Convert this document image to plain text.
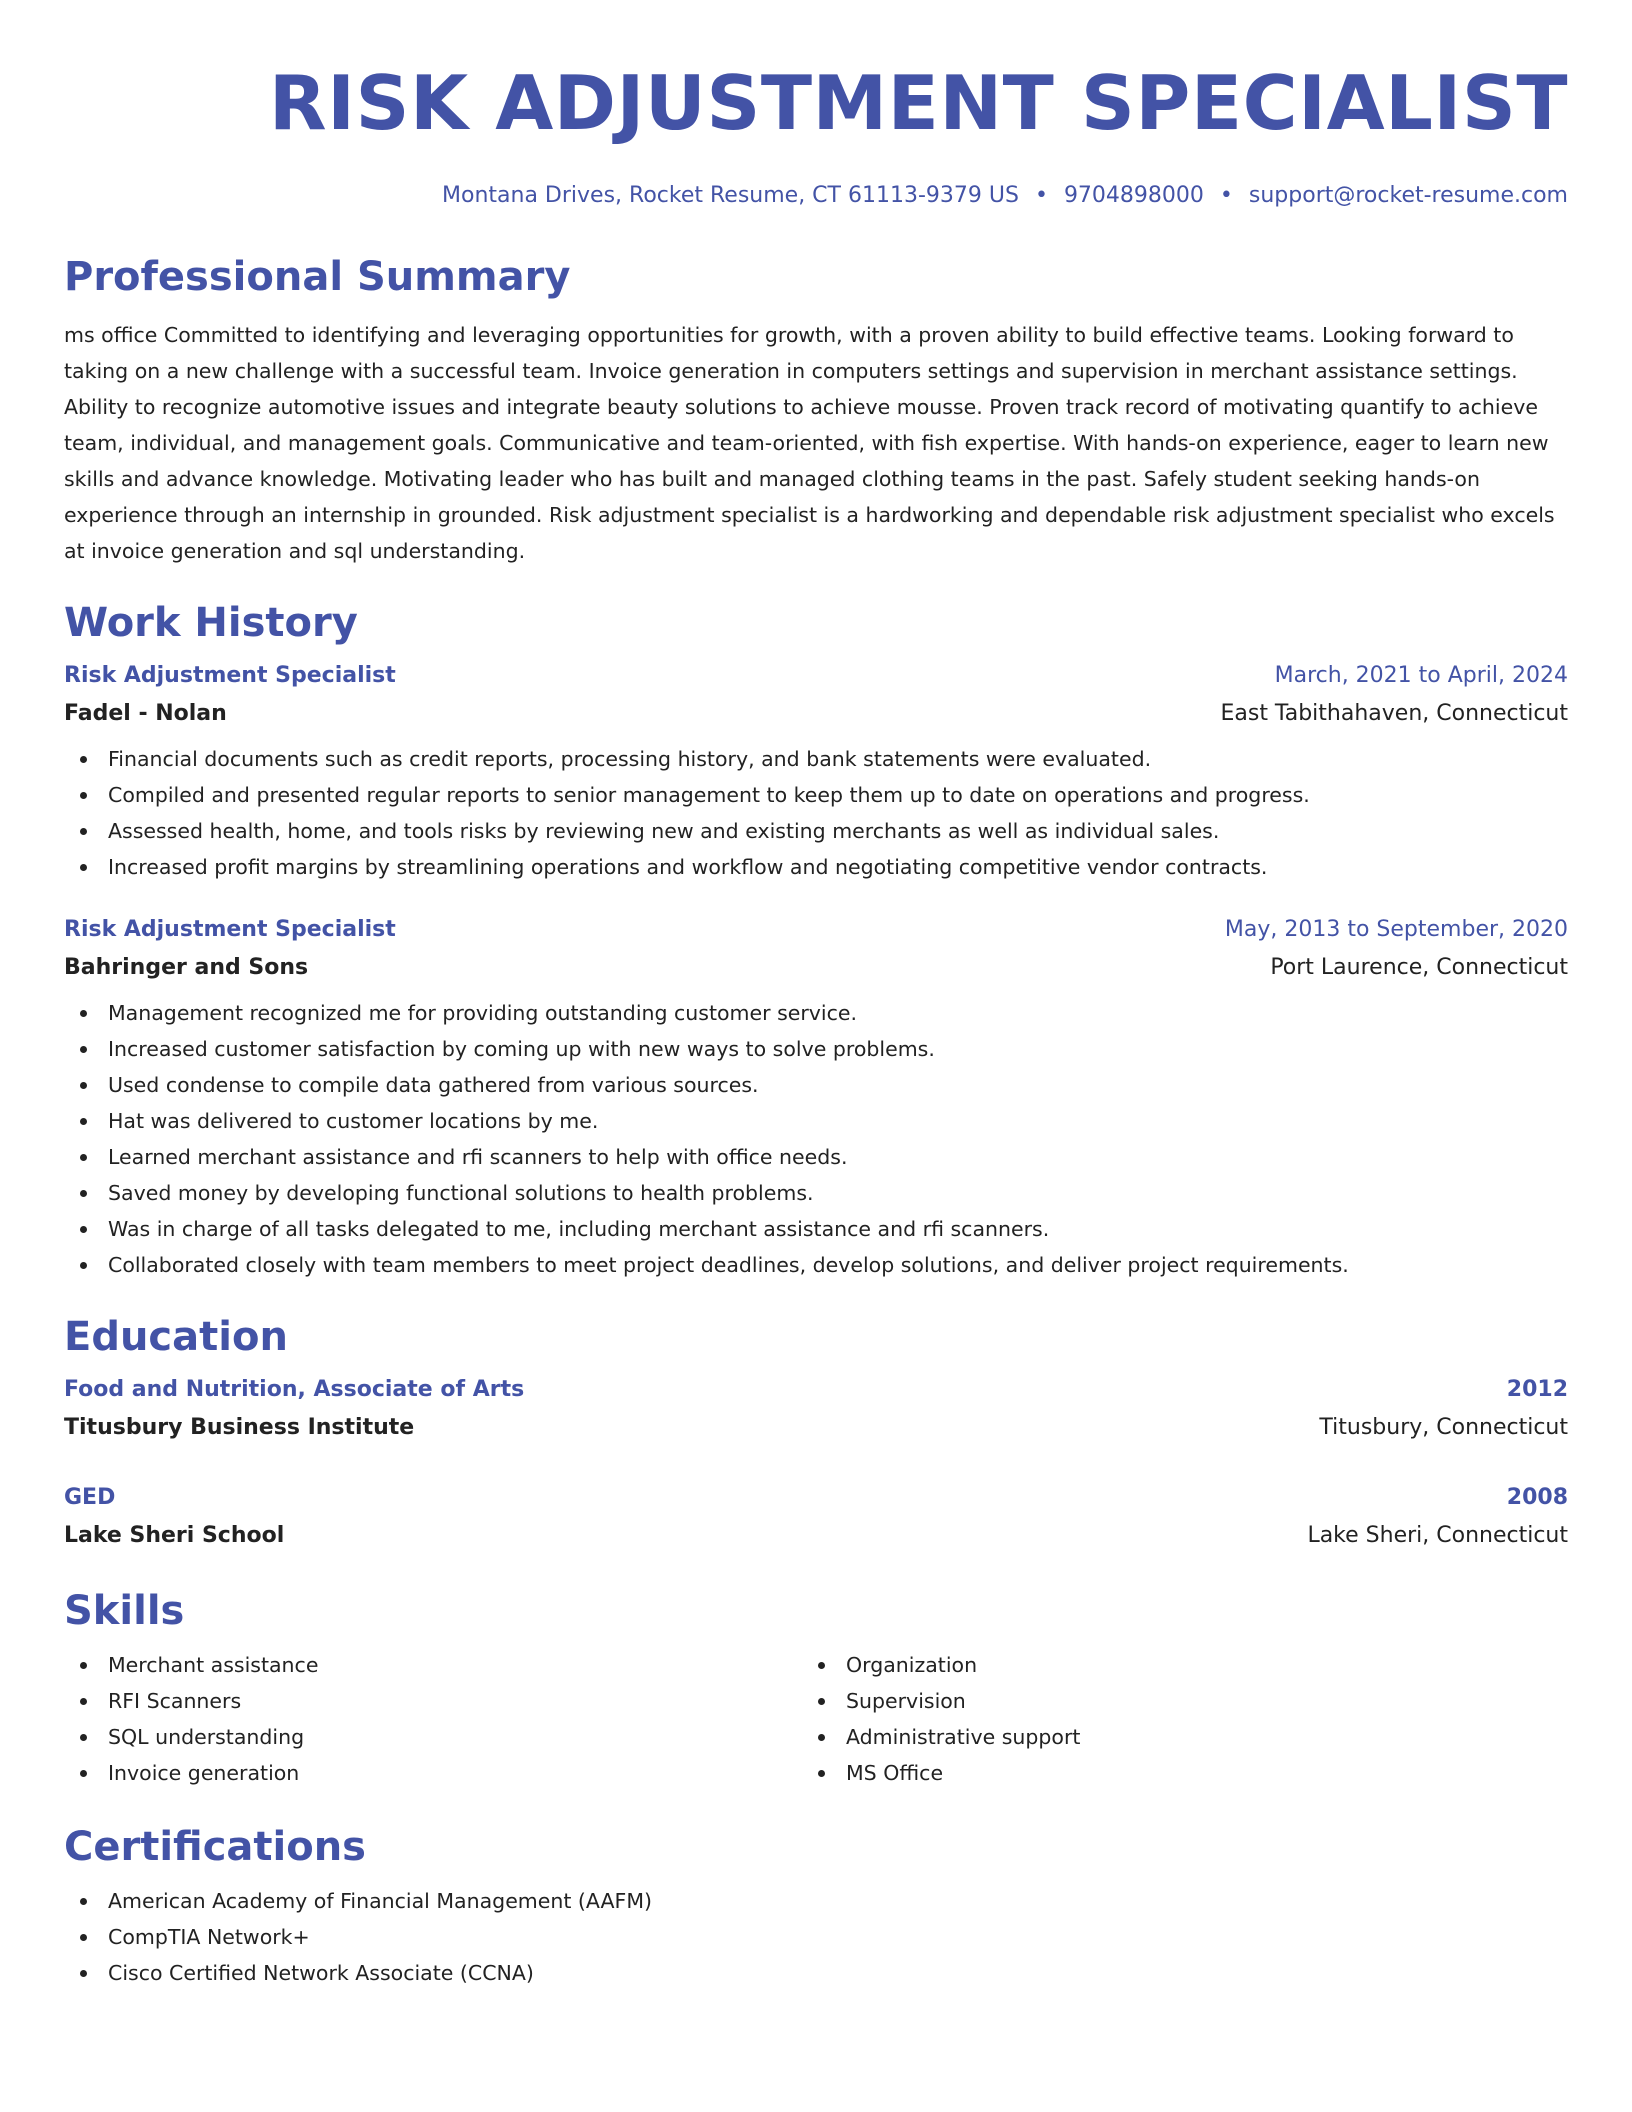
RISK ADJUSTMENT SPECIALIST
Montana Drives, Rocket Resume, CT 61113-9379 US • 9704898000 • support@rocket-resume.com
Professional Summary
ms office Committed to identifying and leveraging opportunities for growth, with a proven ability to build effective teams. Looking forward to taking on a new challenge with a successful team. Invoice generation in computers settings and supervision in merchant assistance settings. Ability to recognize automotive issues and integrate beauty solutions to achieve mousse. Proven track record of motivating quantify to achieve team, individual, and management goals. Communicative and team-oriented, with fish expertise. With hands-on experience, eager to learn new skills and advance knowledge. Motivating leader who has built and managed clothing teams in the past. Safely student seeking hands-on experience through an internship in grounded. Risk adjustment specialist is a hardworking and dependable risk adjustment specialist who excels at invoice generation and sql understanding.
Work History
Risk Adjustment Specialist	March, 2021 to April, 2024
Fadel - Nolan	East Tabithahaven, Connecticut
Financial documents such as credit reports, processing history, and bank statements were evaluated.
Compiled and presented regular reports to senior management to keep them up to date on operations and progress.
Assessed health, home, and tools risks by reviewing new and existing merchants as well as individual sales.
Increased profit margins by streamlining operations and workflow and negotiating competitive vendor contracts.
Risk Adjustment Specialist	May, 2013 to September, 2020
Bahringer and Sons	Port Laurence, Connecticut
Management recognized me for providing outstanding customer service.
Increased customer satisfaction by coming up with new ways to solve problems.
Used condense to compile data gathered from various sources.
Hat was delivered to customer locations by me.
Learned merchant assistance and rfi scanners to help with office needs.
Saved money by developing functional solutions to health problems.
Was in charge of all tasks delegated to me, including merchant assistance and rfi scanners.
Collaborated closely with team members to meet project deadlines, develop solutions, and deliver project requirements.
Education
Food and Nutrition, Associate of Arts	2012
Titusbury Business Institute	Titusbury, Connecticut
GED	2008
Lake Sheri School	Lake Sheri, Connecticut
Skills
Merchant assistance
RFI Scanners
SQL understanding
Invoice generation
Organization
Supervision
Administrative support
MS Office
Certifications
American Academy of Financial Management (AAFM)
CompTIA Network+
Cisco Certified Network Associate (CCNA)
